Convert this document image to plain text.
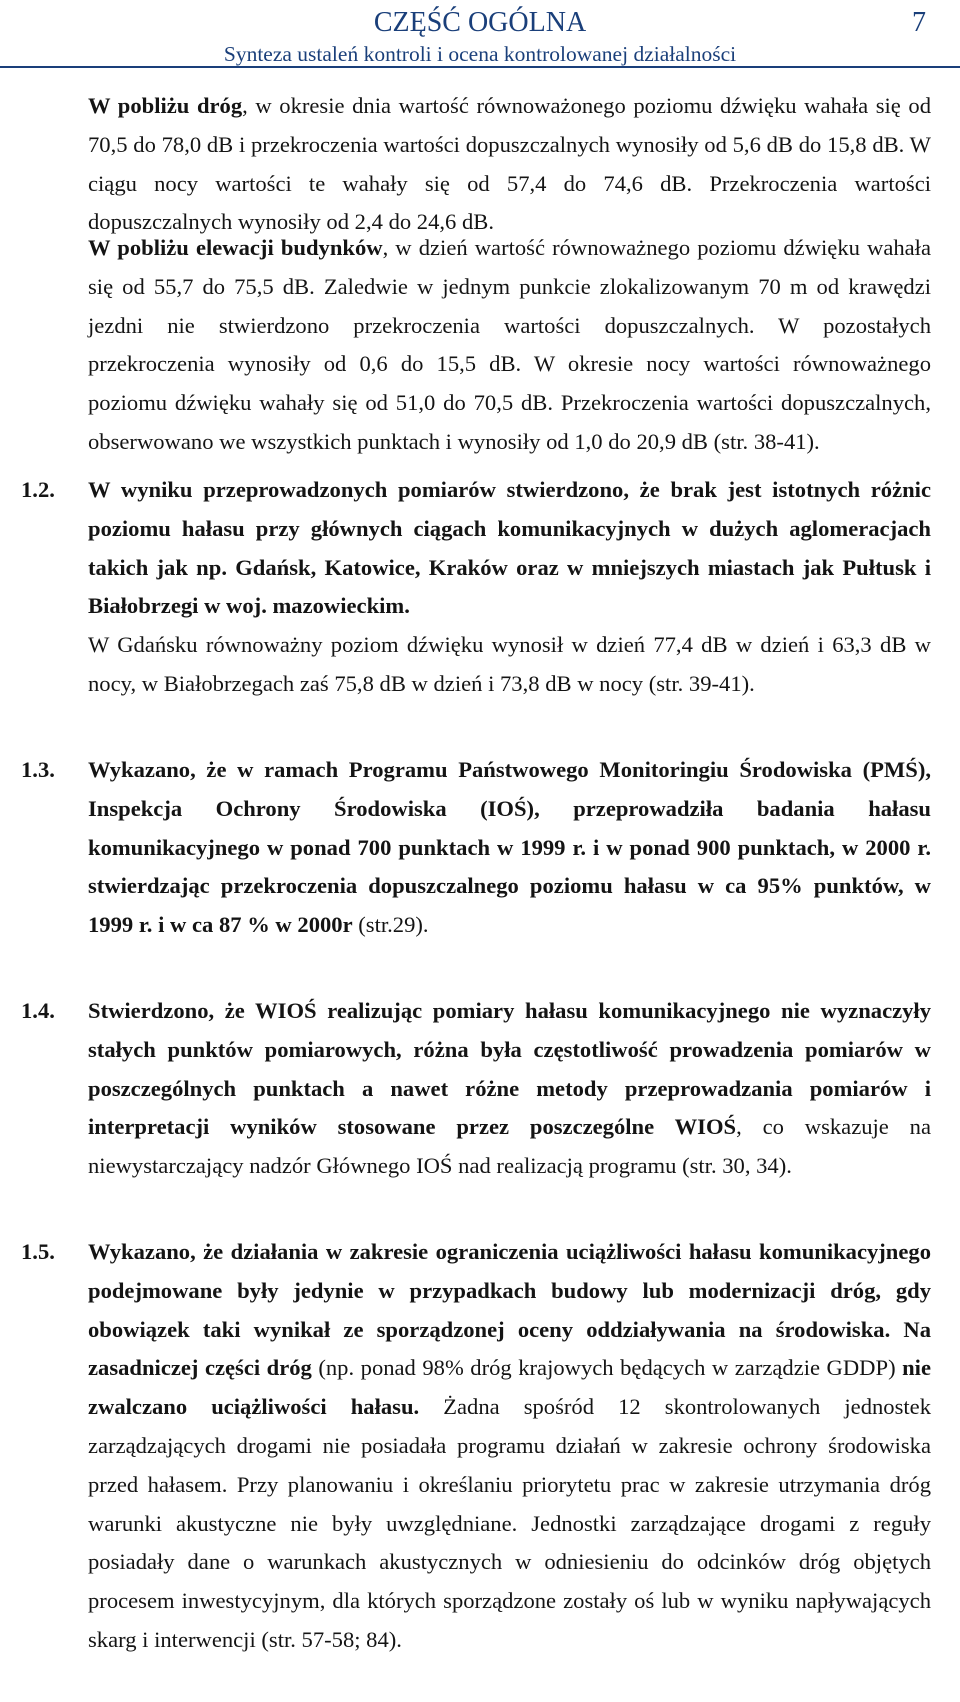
CZĘŚĆ OGÓLNA
Synteza ustaleń kontroli i ocena kontrolowanej działalności
7
W pobliżu dróg, w okresie dnia wartość równoważonego poziomu dźwięku wahała się od 70,5 do 78,0 dB i przekroczenia wartości dopuszczalnych wynosiły od 5,6 dB do 15,8 dB. W ciągu nocy wartości te wahały się od 57,4 do 74,6 dB. Przekroczenia wartości dopuszczalnych wynosiły od 2,4 do 24,6 dB.
W pobliżu elewacji budynków, w dzień wartość równoważnego poziomu dźwięku wahała się od 55,7 do 75,5 dB. Zaledwie w jednym punkcie zlokalizowanym 70 m od krawędzi jezdni nie stwierdzono przekroczenia wartości dopuszczalnych. W pozostałych przekroczenia wynosiły od 0,6 do 15,5 dB. W okresie nocy wartości równoważnego poziomu dźwięku wahały się od 51,0 do 70,5 dB. Przekroczenia wartości dopuszczalnych, obserwowano we wszystkich punktach i wynosiły od 1,0 do 20,9 dB (str. 38-41).
1.2. W wyniku przeprowadzonych pomiarów stwierdzono, że brak jest istotnych różnic poziomu hałasu przy głównych ciągach komunikacyjnych w dużych aglomeracjach takich jak np. Gdańsk, Katowice, Kraków oraz w mniejszych miastach jak Pułtusk i Białobrzegi w woj. mazowieckim.
W Gdańsku równoważny poziom dźwięku wynosił w dzień 77,4 dB w dzień i 63,3 dB w nocy, w Białobrzegach zaś 75,8 dB w dzień i 73,8 dB w nocy (str. 39-41).
1.3. Wykazano, że w ramach Programu Państwowego Monitoringiu Środowiska (PMŚ), Inspekcja Ochrony Środowiska (IOŚ), przeprowadziła badania hałasu komunikacyjnego w ponad 700 punktach w 1999 r. i w ponad 900 punktach, w 2000 r. stwierdzając przekroczenia dopuszczalnego poziomu hałasu w ca 95% punktów, w 1999 r. i w ca 87 % w 2000r (str.29).
1.4. Stwierdzono, że WIOŚ realizując pomiary hałasu komunikacyjnego nie wyznaczyły stałych punktów pomiarowych, różna była częstotliwość prowadzenia pomiarów w poszczególnych punktach a nawet różne metody przeprowadzania pomiarów i interpretacji wyników stosowane przez poszczególne WIOŚ, co wskazuje na niewystarczający nadzór Głównego IOŚ nad realizacją programu (str. 30, 34).
1.5. Wykazano, że działania w zakresie ograniczenia uciążliwości hałasu komunikacyjnego podejmowane były jedynie w przypadkach budowy lub modernizacji dróg, gdy obowiązek taki wynikał ze sporządzonej oceny oddziaływania na środowiska. Na zasadniczej części dróg (np. ponad 98% dróg krajowych będących w zarządzie GDDP) nie zwalczano uciążliwości hałasu. Żadna spośród 12 skontrolowanych jednostek zarządzających drogami nie posiadała programu działań w zakresie ochrony środowiska przed hałasem. Przy planowaniu i określaniu priorytetu prac w zakresie utrzymania dróg warunki akustyczne nie były uwzględniane. Jednostki zarządzające drogami z reguły posiadały dane o warunkach akustycznych w odniesieniu do odcinków dróg objętych procesem inwestycyjnym, dla których sporządzone zostały oś lub w wyniku napływających skarg i interwencji (str. 57-58; 84).
